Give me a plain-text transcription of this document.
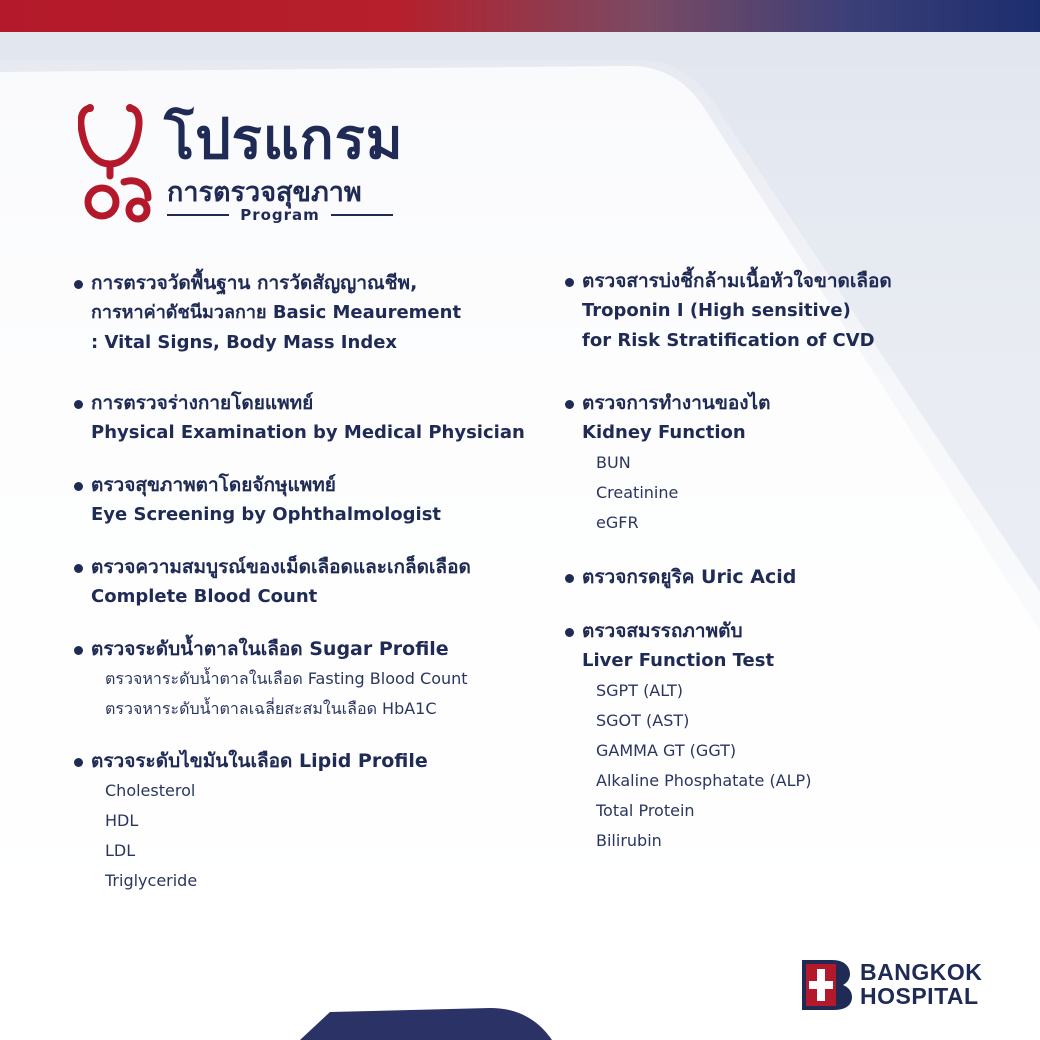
โปรแกรม
การตรวจสุขภาพ
Program
การตรวจวัดพื้นฐาน การวัดสัญญาณชีพ,
การหาค่าดัชนีมวลกาย Basic Meaurement
: Vital Signs, Body Mass Index
การตรวจร่างกายโดยแพทย์
Physical Examination by Medical Physician
ตรวจสุขภาพตาโดยจักษุแพทย์
Eye Screening by Ophthalmologist
ตรวจความสมบูรณ์ของเม็ดเลือดและเกล็ดเลือด
Complete Blood Count
ตรวจระดับน้ำตาลในเลือด Sugar Profile
ตรวจหาระดับน้ำตาลในเลือด Fasting Blood Count
ตรวจหาระดับน้ำตาลเฉลี่ยสะสมในเลือด HbA1C
ตรวจระดับไขมันในเลือด Lipid Profile
Cholesterol
HDL
LDL
Triglyceride
ตรวจสารบ่งชี้กล้ามเนื้อหัวใจขาดเลือด
Troponin I (High sensitive)
for Risk Stratification of CVD
ตรวจการทำงานของไต
Kidney Function
BUN
Creatinine
eGFR
ตรวจกรดยูริค Uric Acid
ตรวจสมรรถภาพตับ
Liver Function Test
SGPT (ALT)
SGOT (AST)
GAMMA GT (GGT)
Alkaline Phosphatate (ALP)
Total Protein
Bilirubin
BANGKOK
HOSPITAL
